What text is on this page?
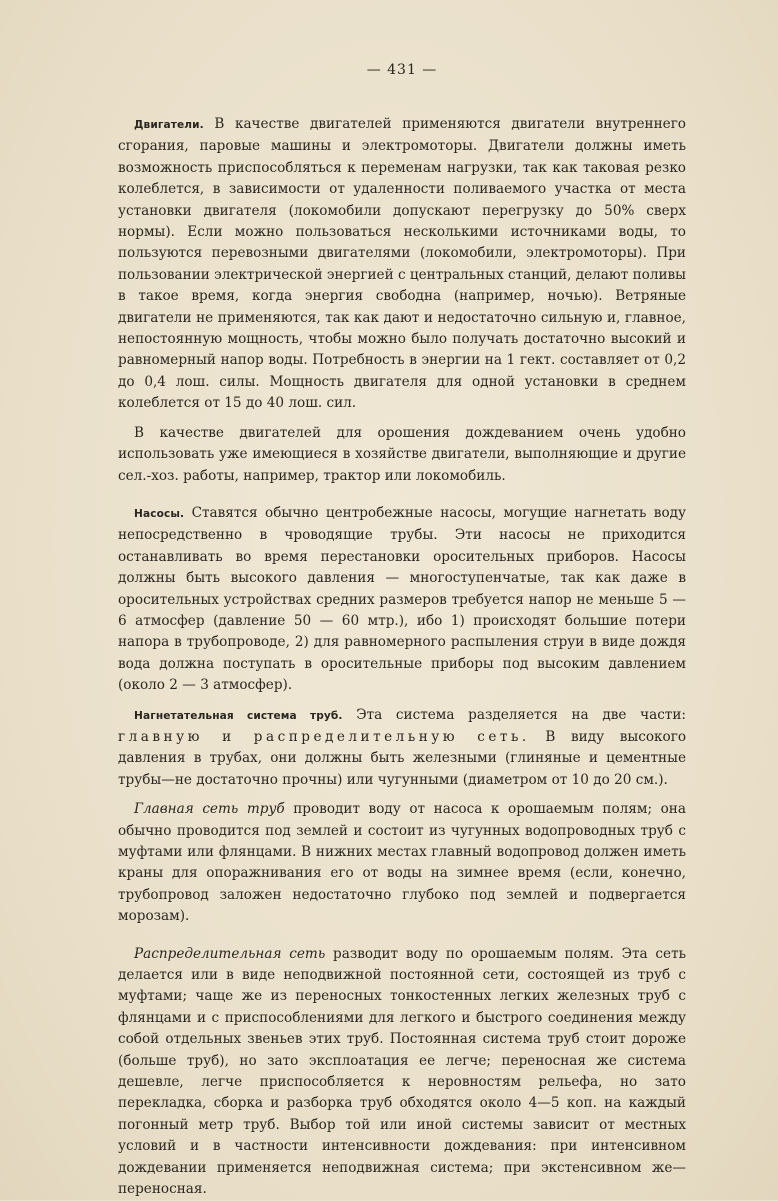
— 431 —

Двигатели. В качестве двигателей применяются двигатели внутреннего сгорания, паровые машины и электромоторы. Двигатели должны иметь возможность приспособляться к переменам нагрузки, так как таковая резко колеблется, в зависимости от удаленности поливаемого участка от места установки двигателя (локомобили допускают перегрузку до 50% сверх нормы). Если можно пользоваться несколькими источниками воды, то пользуются перевозными двигателями (локомобили, электромоторы). При пользовании электрической энергией с центральных станций, делают поливы в такое время, когда энергия свободна (например, ночью). Ветряные двигатели не применяются, так как дают и недостаточно сильную и, главное, непостоянную мощность, чтобы можно было получать достаточно высокий и равномерный напор воды. Потребность в энергии на 1 гект. составляет от 0,2 до 0,4 лош. силы. Мощность двигателя для одной установки в среднем колеблется от 15 до 40 лош. сил.

В качестве двигателей для орошения дождеванием очень удобно использовать уже имеющиеся в хозяйстве двигатели, выполняющие и другие сел.-хоз. работы, например, трактор или локомобиль.

Насосы. Ставятся обычно центробежные насосы, могущие нагнетать воду непосредственно в чроводящие трубы. Эти насосы не приходится останавливать во время перестановки оросительных приборов. Насосы должны быть высокого давления — многоступенчатые, так как даже в оросительных устройствах средних размеров требуется напор не меньше 5 — 6 атмосфер (давление 50 — 60 мтр.), ибо 1) происходят большие потери напора в трубопроводе, 2) для равномерного распыления струи в виде дождя вода должна поступать в оросительные приборы под высоким давлением (около 2 — 3 атмосфер).

Нагнетательная система труб. Эта система разделяется на две части: главную и распределительную сеть. В виду высокого давления в трубах, они должны быть железными (глиняные и цементные трубы—не достаточно прочны) или чугунными (диаметром от 10 до 20 см.).

Главная сеть труб проводит воду от насоса к орошаемым полям; она обычно проводится под землей и состоит из чугунных водопроводных труб с муфтами или флянцами. В нижних местах главный водопровод должен иметь краны для опоражнивания его от воды на зимнее время (если, конечно, трубопровод заложен недостаточно глубоко под землей и подвергается морозам).

Распределительная сеть разводит воду по орошаемым полям. Эта сеть делается или в виде неподвижной постоянной сети, состоящей из труб с муфтами; чаще же из переносных тонкостенных легких железных труб с флянцами и с приспособлениями для легкого и быстрого соединения между собой отдельных звеньев этих труб. Постоянная система труб стоит дороже (больше труб), но зато эксплоатация ее легче; переносная же система дешевле, легче приспособляется к неровностям рельефа, но зато перекладка, сборка и разборка труб обходятся около 4—5 коп. на каждый погонный метр труб. Выбор той или иной системы зависит от местных условий и в частности интенсивности дождевания: при интенсивном дождевании применяется неподвижная система; при экстенсивном же—переносная.
